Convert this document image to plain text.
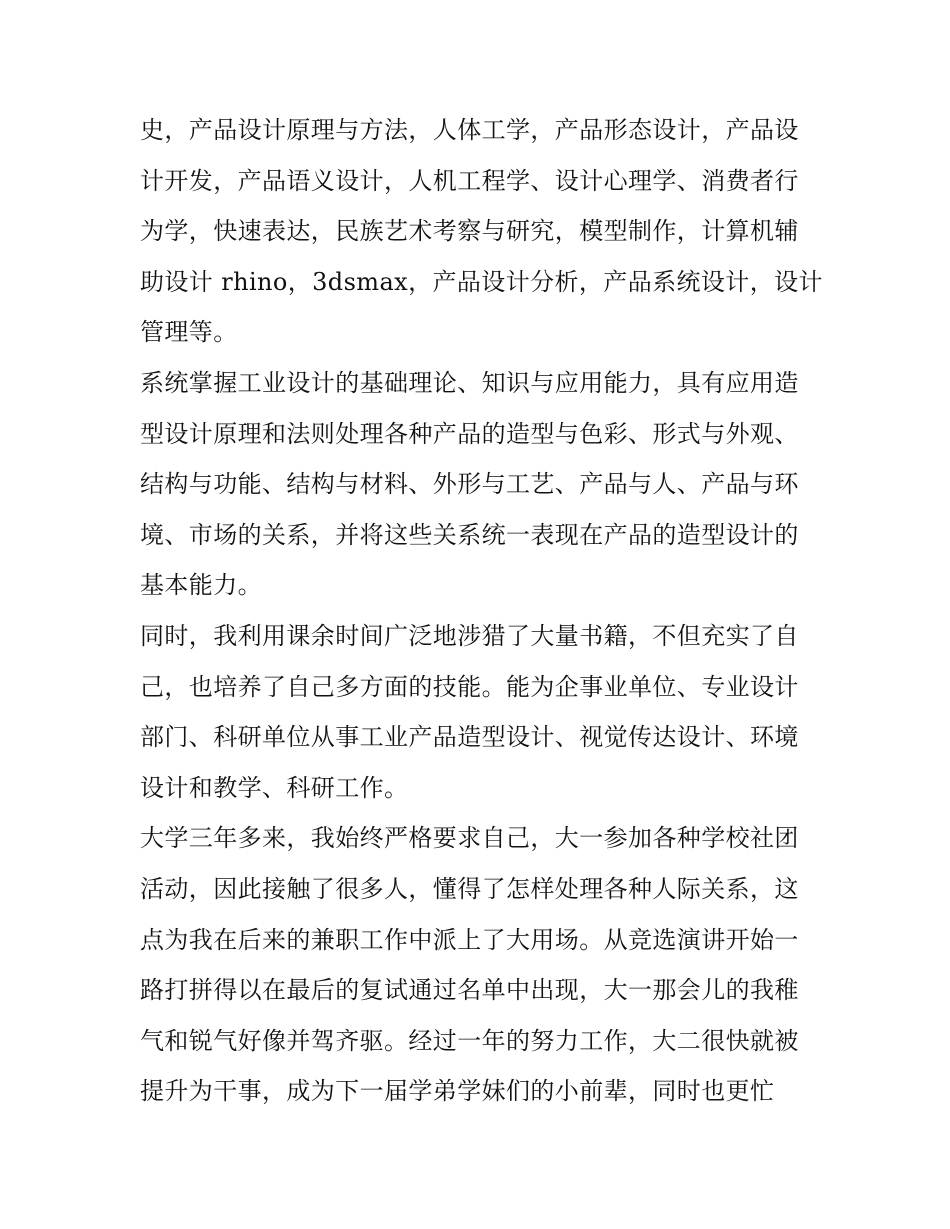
史，产品设计原理与方法，人体工学，产品形态设计，产品设
计开发，产品语义设计，人机工程学、设计心理学、消费者行
为学，快速表达，民族艺术考察与研究，模型制作，计算机辅
助设计 rhino，3dsmax，产品设计分析，产品系统设计，设计
管理等。
系统掌握工业设计的基础理论、知识与应用能力，具有应用造
型设计原理和法则处理各种产品的造型与色彩、形式与外观、
结构与功能、结构与材料、外形与工艺、产品与人、产品与环
境、市场的关系，并将这些关系统一表现在产品的造型设计的
基本能力。
同时，我利用课余时间广泛地涉猎了大量书籍，不但充实了自
己，也培养了自己多方面的技能。能为企事业单位、专业设计
部门、科研单位从事工业产品造型设计、视觉传达设计、环境
设计和教学、科研工作。
大学三年多来，我始终严格要求自己，大一参加各种学校社团
活动，因此接触了很多人，懂得了怎样处理各种人际关系，这
点为我在后来的兼职工作中派上了大用场。从竞选演讲开始一
路打拼得以在最后的复试通过名单中出现，大一那会儿的我稚
气和锐气好像并驾齐驱。经过一年的努力工作，大二很快就被
提升为干事，成为下一届学弟学妹们的小前辈，同时也更忙
